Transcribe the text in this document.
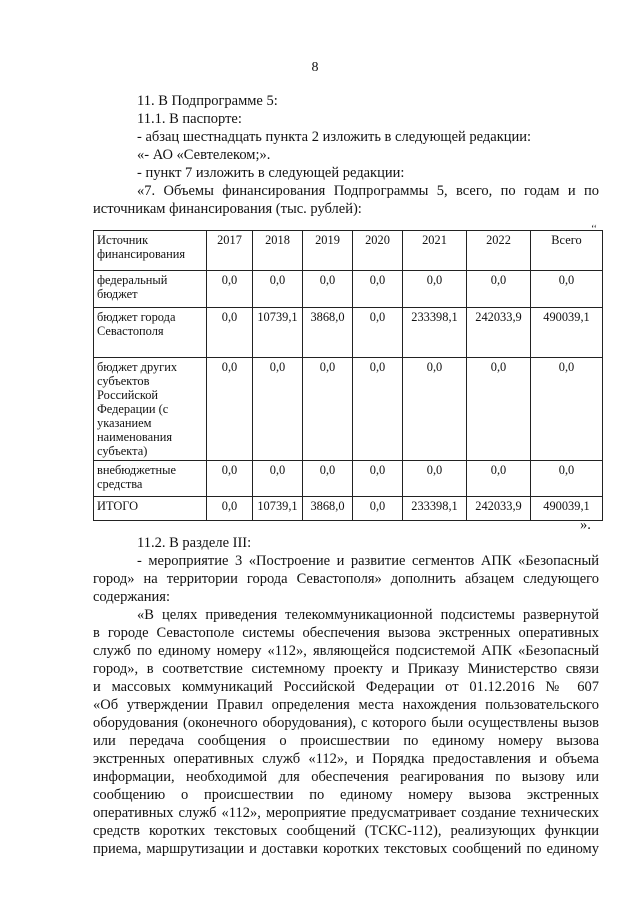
8
11. В Подпрограмме 5:
11.1. В паспорте:
- абзац шестнадцать пункта 2 изложить в следующей редакции:
«- АО «Севтелеком;».
- пункт 7 изложить в следующей редакции:
«7. Объемы финансирования Подпрограммы 5, всего, по годам и по
источникам финансирования (тыс. рублей):
‘‘
Источник финансирования	2017	2018	2019	2020	2021	2022	Всего
федеральный бюджет	0,0	0,0	0,0	0,0	0,0	0,0	0,0
бюджет города Севастополя	0,0	10739,1	3868,0	0,0	233398,1	242033,9	490039,1
бюджет других субъектов Российской Федерации (с указанием наименования субъекта)	0,0	0,0	0,0	0,0	0,0	0,0	0,0
внебюджетные средства	0,0	0,0	0,0	0,0	0,0	0,0	0,0
ИТОГО	0,0	10739,1	3868,0	0,0	233398,1	242033,9	490039,1
».
11.2. В разделе III:
- мероприятие 3 «Построение и развитие сегментов АПК «Безопасный
город» на территории города Севастополя» дополнить абзацем следующего
содержания:
«В целях приведения телекоммуникационной подсистемы развернутой
в городе Севастополе системы обеспечения вызова экстренных оперативных
служб по единому номеру «112», являющейся подсистемой АПК «Безопасный
город», в соответствие системному проекту и Приказу Министерство связи
и массовых коммуникаций Российской Федерации от 01.12.2016 № 607
«Об утверждении Правил определения места нахождения пользовательского
оборудования (оконечного оборудования), с которого были осуществлены вызов
или передача сообщения о происшествии по единому номеру вызова
экстренных оперативных служб «112», и Порядка предоставления и объема
информации, необходимой для обеспечения реагирования по вызову или
сообщению о происшествии по единому номеру вызова экстренных
оперативных служб «112», мероприятие предусматривает создание технических
средств коротких текстовых сообщений (ТСКС-112), реализующих функции
приема, маршрутизации и доставки коротких текстовых сообщений по единому
